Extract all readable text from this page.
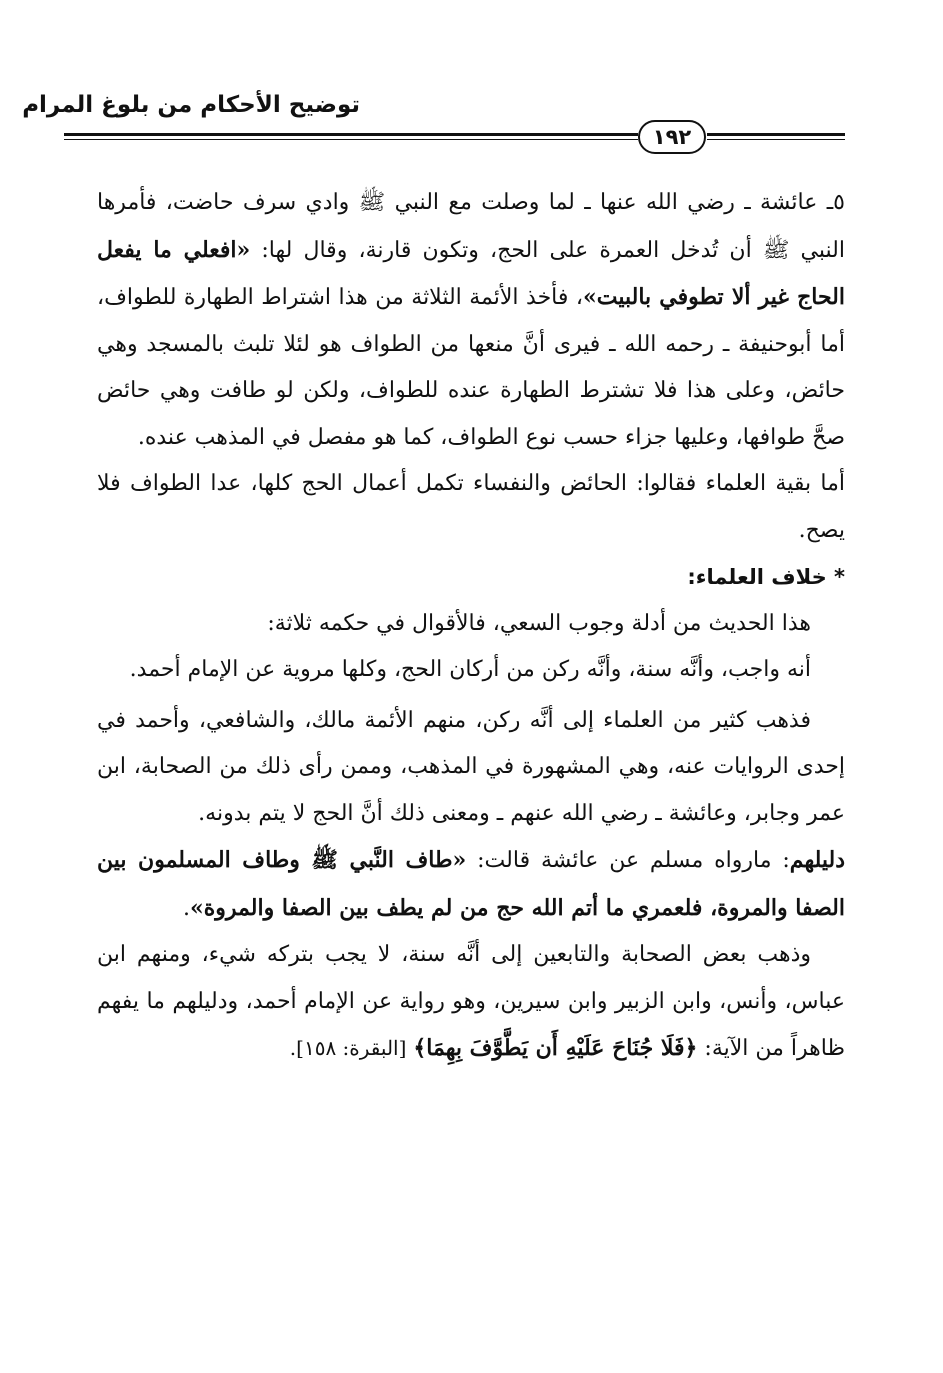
توضيح الأحكام من بلوغ المرام
١٩٢

٥ـ عائشة ـ رضي الله عنها ـ لما وصلت مع النبي ﷺ وادي سرف حاضت، فأمرها النبي ﷺ أن تُدخل العمرة على الحج، وتكون قارنة، وقال لها: «افعلي ما يفعل الحاج غير ألا تطوفي بالبيت»، فأخذ الأئمة الثلاثة من هذا اشتراط الطهارة للطواف، أما أبوحنيفة ـ رحمه الله ـ فيرى أنَّ منعها من الطواف هو لئلا تلبث بالمسجد وهي حائض، وعلى هذا فلا تشترط الطهارة عنده للطواف، ولكن لو طافت وهي حائض صحَّ طوافها، وعليها جزاء حسب نوع الطواف، كما هو مفصل في المذهب عنده.

أما بقية العلماء فقالوا: الحائض والنفساء تكمل أعمال الحج كلها، عدا الطواف فلا يصح.

* خلاف العلماء:

هذا الحديث من أدلة وجوب السعي، فالأقوال في حكمه ثلاثة:

أنه واجب، وأنَّه سنة، وأنَّه ركن من أركان الحج، وكلها مروية عن الإمام أحمد.

فذهب كثير من العلماء إلى أنَّه ركن، منهم الأئمة مالك، والشافعي، وأحمد في إحدى الروايات عنه، وهي المشهورة في المذهب، وممن رأى ذلك من الصحابة، ابن عمر وجابر، وعائشة ـ رضي الله عنهم ـ ومعنى ذلك أنَّ الحج لا يتم بدونه.

دليلهم: مارواه مسلم عن عائشة قالت: «طاف النَّبي ﷺ وطاف المسلمون بين الصفا والمروة، فلعمري ما أتم الله حج من لم يطف بين الصفا والمروة».

وذهب بعض الصحابة والتابعين إلى أنَّه سنة، لا يجب بتركه شيء، ومنهم ابن عباس، وأنس، وابن الزبير وابن سيرين، وهو رواية عن الإمام أحمد، ودليلهم ما يفهم ظاهراً من الآية: ﴿فَلَا جُنَاحَ عَلَيْهِ أَن يَطَّوَّفَ بِهِمَا﴾ [البقرة: ١٥٨].
